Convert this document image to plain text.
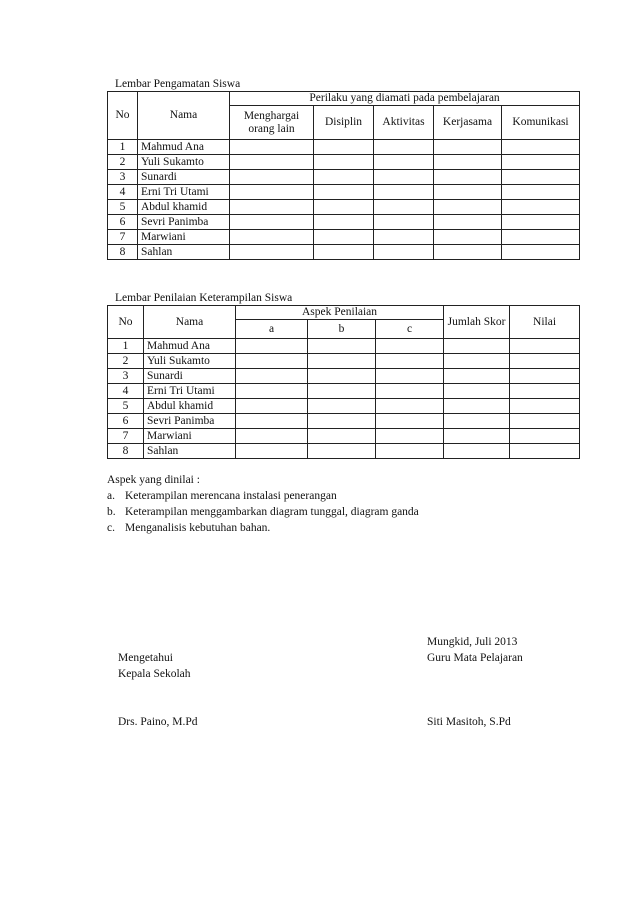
Lembar Pengamatan Siswa
No	Nama	Perilaku yang diamati pada pembelajaran				
		Menghargai orang lain	Disiplin	Aktivitas	Kerjasama	Komunikasi
1	Mahmud Ana					
2	Yuli Sukamto					
3	Sunardi					
4	Erni Tri Utami					
5	Abdul khamid					
6	Sevri Panimba					
7	Marwiani					
8	Sahlan					
Lembar Penilaian Keterampilan Siswa
No	Nama	Aspek Penilaian			Jumlah Skor	Nilai
		a	b	c		
1	Mahmud Ana					
2	Yuli Sukamto					
3	Sunardi					
4	Erni Tri Utami					
5	Abdul khamid					
6	Sevri Panimba					
7	Marwiani					
8	Sahlan					
Aspek yang dinilai :
a. Keterampilan merencana instalasi penerangan
b. Keterampilan menggambarkan diagram tunggal, diagram ganda
c. Menganalisis kebutuhan bahan.
Mungkid, Juli 2013
Mengetahui	Guru Mata Pelajaran
Kepala Sekolah
Drs. Paino, M.Pd	Siti Masitoh, S.Pd
